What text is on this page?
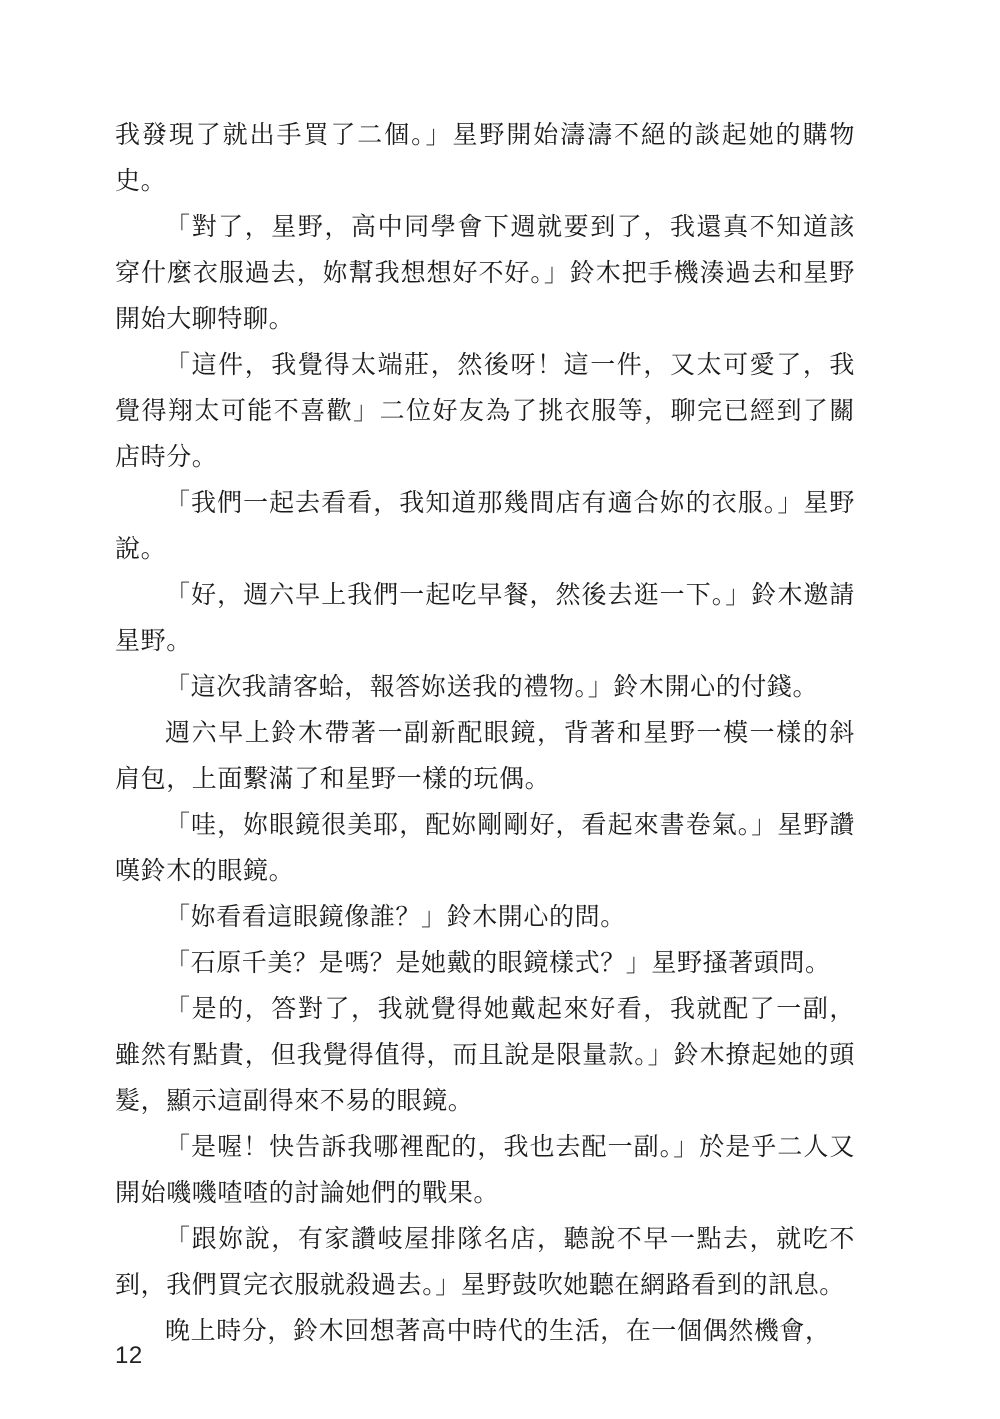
我發現了就出手買了二個。」星野開始濤濤不絕的談起她的購物史。

「對了，星野，高中同學會下週就要到了，我還真不知道該穿什麼衣服過去，妳幫我想想好不好。」鈴木把手機湊過去和星野開始大聊特聊。

「這件，我覺得太端莊，然後呀！這一件，又太可愛了，我覺得翔太可能不喜歡」二位好友為了挑衣服等，聊完已經到了關店時分。

「我們一起去看看，我知道那幾間店有適合妳的衣服。」星野說。

「好，週六早上我們一起吃早餐，然後去逛一下。」鈴木邀請星野。

「這次我請客蛤，報答妳送我的禮物。」鈴木開心的付錢。

週六早上鈴木帶著一副新配眼鏡，背著和星野一模一樣的斜肩包，上面繫滿了和星野一樣的玩偶。

「哇，妳眼鏡很美耶，配妳剛剛好，看起來書卷氣。」星野讚嘆鈴木的眼鏡。

「妳看看這眼鏡像誰？」鈴木開心的問。

「石原千美？是嗎？是她戴的眼鏡樣式？」星野搔著頭問。

「是的，答對了，我就覺得她戴起來好看，我就配了一副，雖然有點貴，但我覺得值得，而且說是限量款。」鈴木撩起她的頭髮，顯示這副得來不易的眼鏡。

「是喔！快告訴我哪裡配的，我也去配一副。」於是乎二人又開始嘰嘰喳喳的討論她們的戰果。

「跟妳說，有家讚岐屋排隊名店，聽說不早一點去，就吃不到，我們買完衣服就殺過去。」星野鼓吹她聽在網路看到的訊息。

晚上時分，鈴木回想著高中時代的生活，在一個偶然機會，

12
